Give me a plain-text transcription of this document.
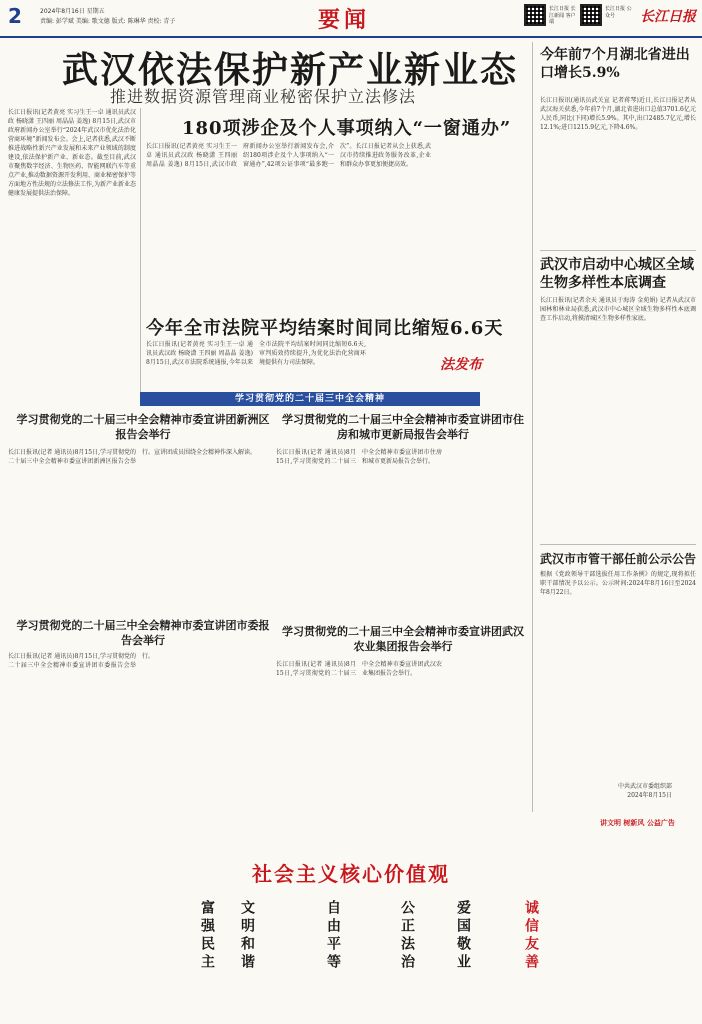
2	2024年8月16日 星期五
责编: 彭学斌 美编: 歌文德 版式: 陈琳华 责校: 青子	要闻	长江日报 长江新闻 客户端
长江日报 公众号	长江日报
武汉依法保护新产业新业态
推进数据资源管理商业秘密保护立法修法
长江日报讯(记者黄亮 实习生王一卓 通讯员武汉政 杨晓潇 王四丽 周晶晶 姜逸) 8月15日,武汉市政府新闻办公室举行“2024年武汉市优化法治化营商环境”新闻发布会。会上,记者获悉,武汉不断推进战略性新兴产业发展和未来产业领域的制度建设,依法保护新产业、新业态。截至目前,武汉市聚焦数字经济、生物医药、智能网联汽车等重点产业,推动数据资源开发利用、商业秘密保护等方面地方性法规的立法修法工作,为新产业新业态健康发展提供法治保障。
180项涉企及个人事项纳入“一窗通办”
长江日报讯(记者黄亮 实习生王一卓 通讯员武汉政 杨晓潇 王四丽 周晶晶 姜逸) 8月15日,武汉市政府新闻办公室举行新闻发布会,介绍180项涉企及个人事项纳入“一窗通办”,42项公证事项“最多跑一次”。长江日报记者从会上获悉,武汉市持续推进政务服务改革,企业和群众办事更加便捷高效。
今年全市法院平均结案时间同比缩短6.6天
长江日报讯(记者黄亮 实习生王一卓 通讯员武汉政 杨晓潇 王四丽 周晶晶 姜逸) 8月15日,武汉市法院系统通报,今年以来全市法院平均结案时间同比缩短6.6天,审判质效持续提升,为优化法治化营商环境提供有力司法保障。	法发布
今年前7个月湖北省进出口增长5.9%
长江日报讯(通讯员武关宣 记者蒋琴)近日,长江日报记者从武汉海关获悉,今年前7个月,湖北省进出口总值3701.6亿元人民币,同比(下同)增长5.9%。其中,出口2485.7亿元,增长12.1%;进口1215.9亿元,下降4.6%。
武汉市启动中心城区全域生物多样性本底调查
长江日报讯(记者余天 通讯员于海涛 金苑娟) 记者从武汉市园林和林业局获悉,武汉市中心城区全域生物多样性本底调查工作启动,将摸清城区生物多样性家底。
武汉市市管干部任前公示公告
根据《党政领导干部选拔任用工作条例》的规定,现将拟任职干部情况予以公示。公示时间:2024年8月16日至2024年8月22日。
中共武汉市委组织部
2024年8月15日
学习贯彻党的二十届三中全会精神
学习贯彻党的二十届三中全会精神市委宣讲团新洲区报告会举行
长江日报讯(记者 通讯员)8月15日,学习贯彻党的二十届三中全会精神市委宣讲团新洲区报告会举行。宣讲团成员围绕全会精神作深入解读。
学习贯彻党的二十届三中全会精神市委宣讲团市住房和城市更新局报告会举行
长江日报讯(记者 通讯员)8月15日,学习贯彻党的二十届三中全会精神市委宣讲团市住房和城市更新局报告会举行。
学习贯彻党的二十届三中全会精神市委宣讲团市委报告会举行
长江日报讯(记者 通讯员)8月15日,学习贯彻党的二十届三中全会精神市委宣讲团市委报告会举行。
学习贯彻党的二十届三中全会精神市委宣讲团武汉农业集团报告会举行
长江日报讯(记者 通讯员)8月15日,学习贯彻党的二十届三中全会精神市委宣讲团武汉农业集团报告会举行。
讲文明 树新风 公益广告
社会主义核心价值观
富强民主 文明和谐	自由平等	公正法治	爱国敬业	诚信友善
